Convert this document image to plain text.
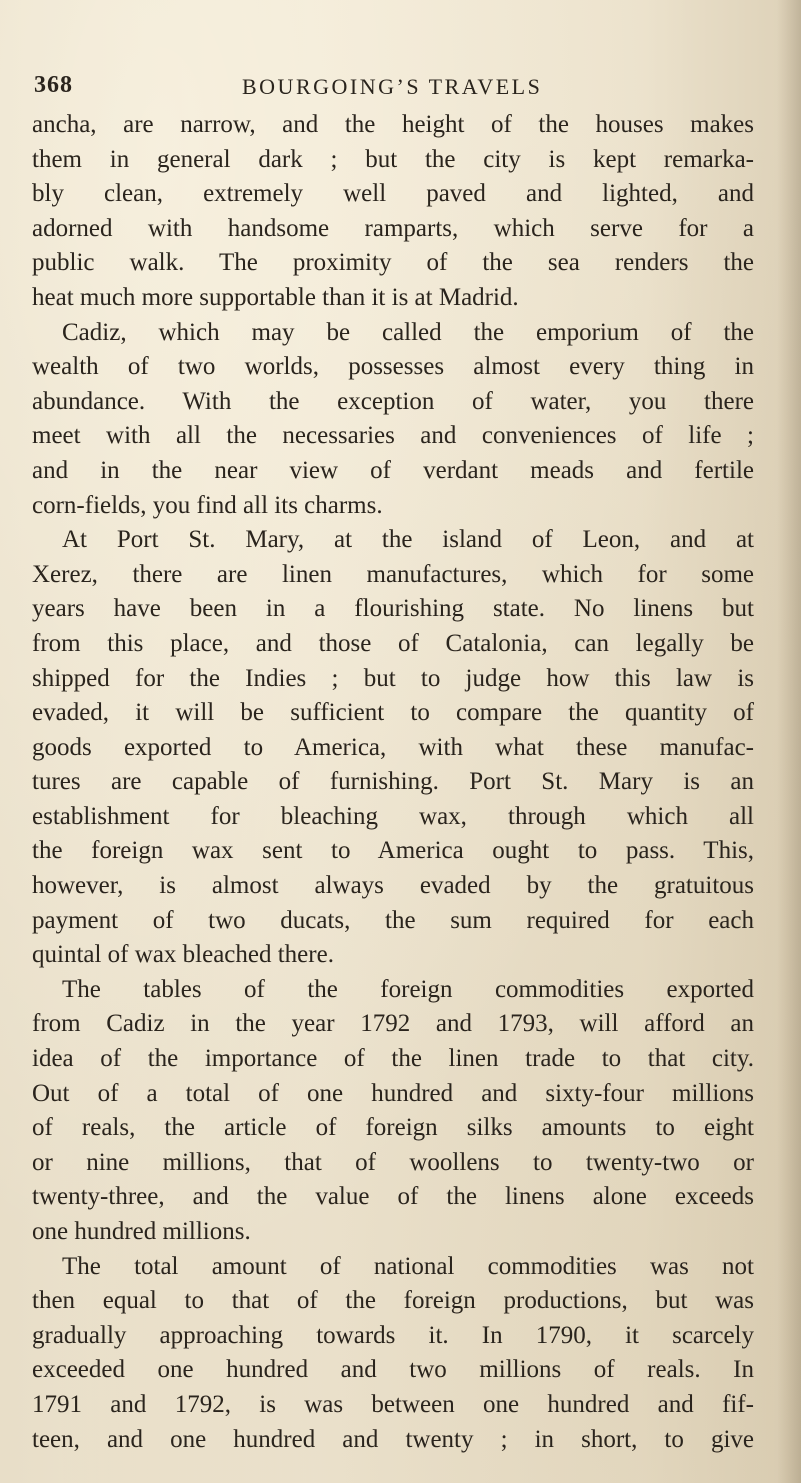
368	BOURGOING’S TRAVELS

ancha, are narrow, and the height of the houses makes
them in general dark ; but the city is kept remarka-
bly clean, extremely well paved and lighted, and
adorned with handsome ramparts, which serve for a
public walk. The proximity of the sea renders the
heat much more supportable than it is at Madrid.

Cadiz, which may be called the emporium of the
wealth of two worlds, possesses almost every thing in
abundance. With the exception of water, you there
meet with all the necessaries and conveniences of life ;
and in the near view of verdant meads and fertile
corn-fields, you find all its charms.

At Port St. Mary, at the island of Leon, and at
Xerez, there are linen manufactures, which for some
years have been in a flourishing state. No linens but
from this place, and those of Catalonia, can legally be
shipped for the Indies ; but to judge how this law is
evaded, it will be sufficient to compare the quantity of
goods exported to America, with what these manufac-
tures are capable of furnishing. Port St. Mary is an
establishment for bleaching wax, through which all
the foreign wax sent to America ought to pass. This,
however, is almost always evaded by the gratuitous
payment of two ducats, the sum required for each
quintal of wax bleached there.

The tables of the foreign commodities exported
from Cadiz in the year 1792 and 1793, will afford an
idea of the importance of the linen trade to that city.
Out of a total of one hundred and sixty-four millions
of reals, the article of foreign silks amounts to eight
or nine millions, that of woollens to twenty-two or
twenty-three, and the value of the linens alone exceeds
one hundred millions.

The total amount of national commodities was not
then equal to that of the foreign productions, but was
gradually approaching towards it. In 1790, it scarcely
exceeded one hundred and two millions of reals. In
1791 and 1792, is was between one hundred and fif-
teen, and one hundred and twenty ; in short, to give
